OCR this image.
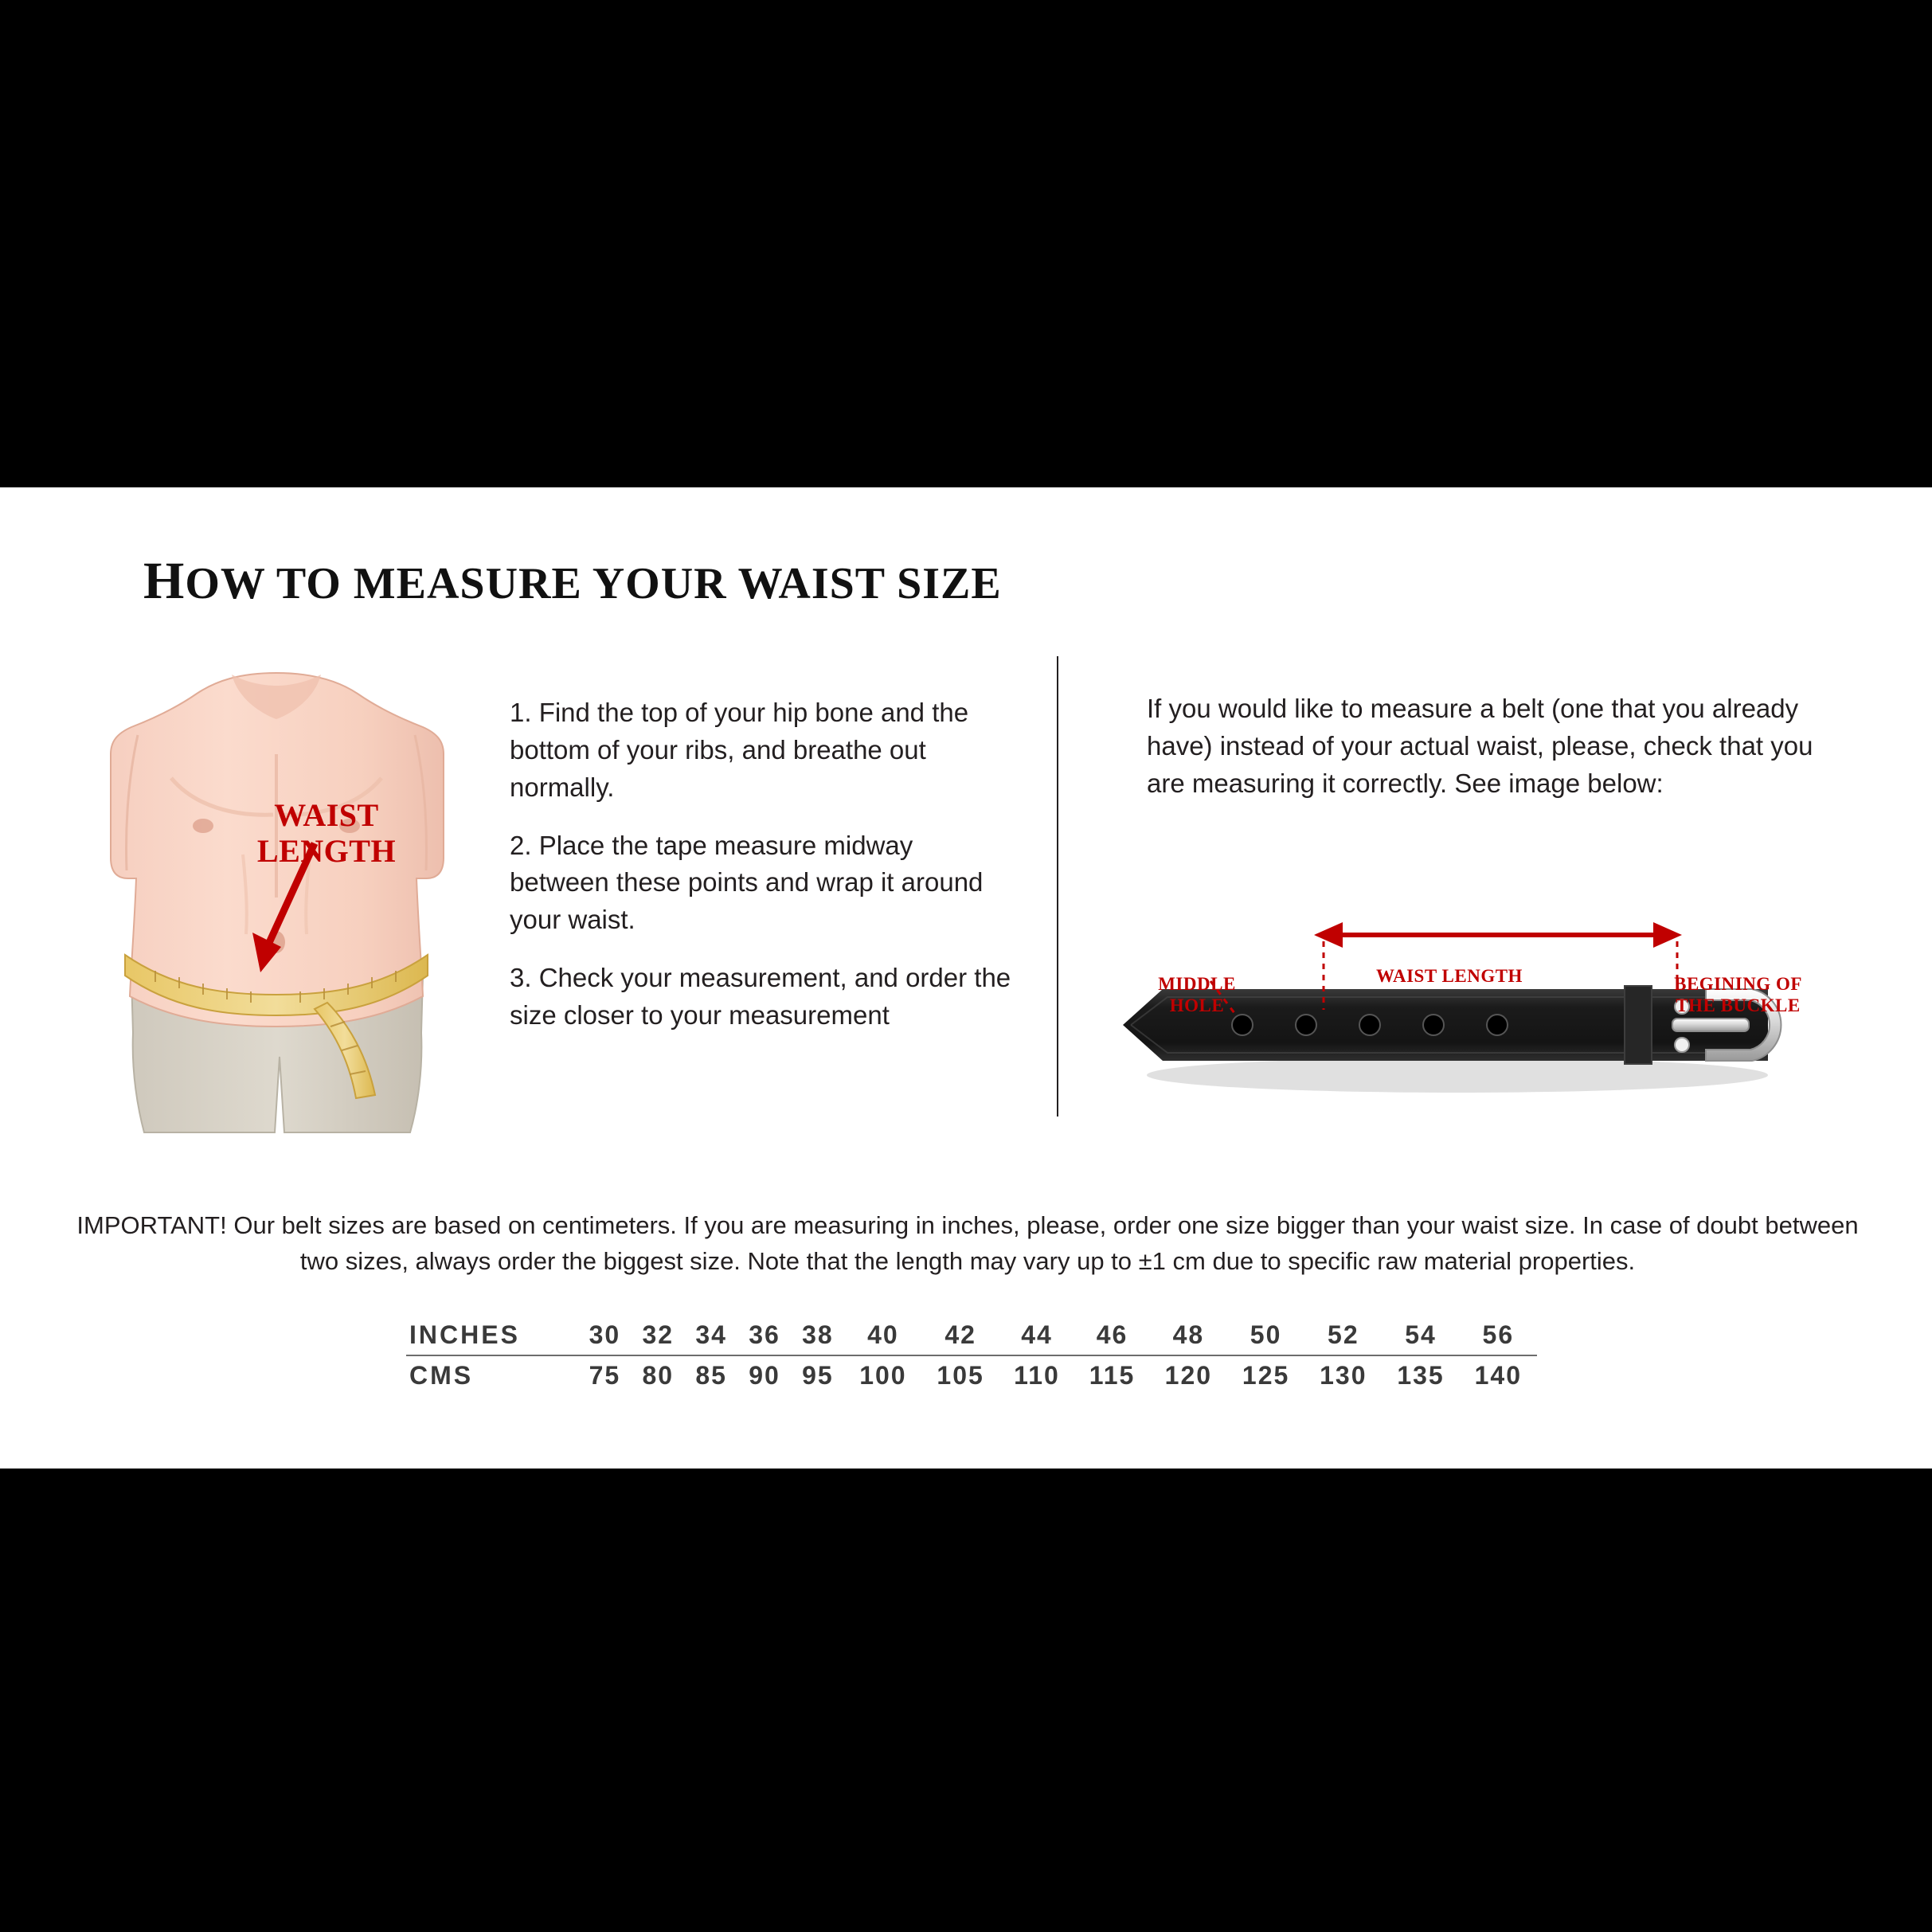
HOW TO MEASURE YOUR WAIST SIZE
WAIST
LENGTH

1. Find the top of your hip bone and the bottom of your ribs, and breathe out normally.

2. Place the tape measure midway between these points and wrap it around your waist.

3. Check your measurement, and order the size closer to your measurement

If you would like to measure a belt (one that you already have) instead of your actual waist, please, check that you are measuring it correctly. See image below:
MIDDLE
HOLE
WAIST LENGTH	BEGINING OF
THE BUCKLE
IMPORTANT! Our belt sizes are based on centimeters. If you are measuring in inches, please, order one size bigger than your waist size. In case of doubt between two sizes, always order the biggest size. Note that the length may vary up to ±1 cm due to specific raw material properties.
INCHES	30	32	34	36	38	40	42	44	46	48	50	52	54	56
CMS	75	80	85	90	95	100	105	110	115	120	125	130	135	140
